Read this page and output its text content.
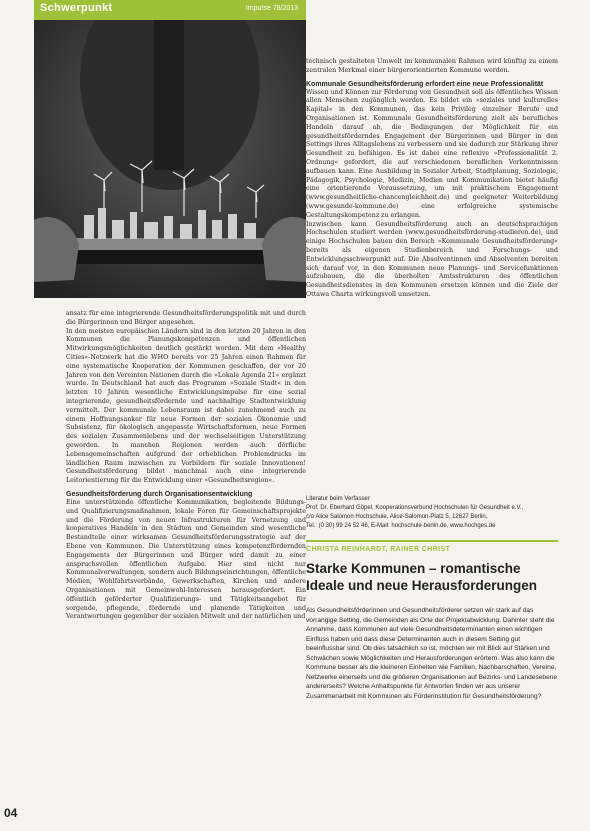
Schwerpunkt	Impu!se 78/2013

ansatz für eine integrierende Gesundheitsförderungspolitik mit und durch die Bürgerinnen und Bürger angesehen.

In den meisten europäischen Ländern sind in den letzten 20 Jahren in den Kommunen die Planungskompetenzen und öffentlichen Mitwirkungsmöglichkeiten deutlich gestärkt worden. Mit dem »Healthy Cities«-Netzwerk hat die WHO bereits vor 25 Jahren einen Rahmen für eine systematische Kooperation der Kommunen geschaffen, der vor 20 Jahren von den Vereinten Nationen durch die »Lokale Agenda 21« ergänzt wurde. In Deutschland hat auch das Programm »Soziale Stadt« in den letzten 10 Jahren wesentliche Entwicklungsimpulse für eine sozial integrierende, gesundheitsfördernde und nachhaltige Stadtentwicklung vermittelt. Der kommunale Lebensraum ist dabei zunehmend auch zu einem Hoffnungsanker für neue Formen der sozialen Ökonomie und Subsistenz, für ökologisch angepasste Wirtschaftsformen, neue Formen des sozialen Zusammenlebens und der wechselseitigen Unterstützung geworden. In manchen Regionen werden auch dörfliche Lebensgemeinschaften aufgrund der erheblichen Problemdrucks im ländlichen Raum inzwischen zu Vorbildern für soziale Innovationen! Gesundheitsförderung bildet manchmal auch eine integrierende Leitorientierung für die Entwicklung einer »Gesundheitsregion«.

Gesundheitsförderung durch Organisationsentwicklung

Eine unterstützende öffentliche Kommunikation, begleitende Bildungs- und Qualifizierungsmaßnahmen, lokale Foren für Gemeinschaftsprojekte und die Förderung von neuen Infrastrukturen für Vernetzung und kooperatives Handeln in den Städten und Gemeinden sind wesentliche Bestandteile einer wirksamen Gesundheitsförderungsstrategie auf der Ebene von Kommunen. Die Unterstützung eines kompetenzfördernden Engagements der Bürgerinnen und Bürger wird damit zu einer anspruchsvollen öffentlichen Aufgabe. Hier sind nicht nur Kommunalverwaltungen, sondern auch Bildungseinrichtungen, öffentliche Medien, Wohlfahrtsverbände, Gewerkschaften, Kirchen und andere Organisationen mit Gemeinwohl-Interessen herausgefordert. Ein öffentlich geförderter Qualifizierungs- und Tätigkeitsangebot für sorgende, pflegende, fördernde und planende Tätigkeiten und Verantwortungen gegenüber der sozialen Mitwelt und der natürlichen und

technisch gestalteten Umwelt im kommunalen Rahmen wird künftig zu einem zentralen Merkmal einer bürgerorientierten Kommune werden.

Kommunale Gesundheitsförderung erfordert eine neue Professionalität

Wissen und Können zur Förderung von Gesundheit soll als öffentliches Wissen allen Menschen zugänglich werden. Es bildet ein »soziales und kulturelles Kapital« in den Kommunen, das kein Privileg einzelner Berufe und Organisationen ist. Kommunale Gesundheitsförderung zielt als berufliches Handeln darauf ab, die Bedingungen der Möglichkeit für ein gesundheitsförderndes Engagement der Bürgerinnen und Bürger in den Settings ihres Alltagslebens zu verbessern und sie dadurch zur Stärkung ihrer Gesundheit zu befähigen. Es ist dabei eine reflexive »Professionalität 2. Ordnung« gefordert, die auf verschiedenen beruflichen Vorkenntnissen aufbauen kann. Eine Ausbildung in Sozialer Arbeit, Stadtplanung, Soziologie, Pädagogik, Psychologie, Medizin, Medien und Kommunikation bietet häufig eine orientierende Voraussetzung, um mit praktischem Engagement (www.gesundheitliche-chancengleichheit.de) und geeigneter Weiterbildung (www.gesunde-kommune.de) eine erfolgreiche systemische Gestaltungskompetenz zu erlangen.

Inzwischen kann Gesundheitsförderung auch an deutschsprachigen Hochschulen studiert werden (www.gesundheitsförderung-studieren.de), und einige Hochschulen bauen den Bereich »Kommunale Gesundheitsförderung« bereits als eigenen Studienbereich und Forschungs- und Entwicklungsschwerpunkt auf. Die Absolventinnen und Absolventen bereiten sich darauf vor, in den Kommunen neue Planungs- und Servicefunktionen aufzubauen, die die überholten Amtsstrukturen des öffentlichen Gesundheitsdienstes in den Kommunen ersetzen können und die Ziele der Ottawa Charta wirkungsvoll umsetzen.

Literatur beim Verfasser
Prof. Dr. Eberhard Göpel, Kooperationsverbund Hochschulen für Gesundheit e.V.,
c/o Alice Salomon Hochschule, Alice-Salomon-Platz 5, 12627 Berlin,
Tel.: (0 30) 99 24 52 46, E-Mail: hochschule-berlin.de, www.hochges.de
CHRISTA REINHARDT, RAINER CHRIST
Starke Kommunen – romantische Ideale und neue Herausforderungen
Als Gesundheitsförderinnen und Gesundheitsförderer setzen wir stark auf das vorrangige Setting, die Gemeinden als Orte der Projektabwicklung. Dahinter steht die Annahme, dass Kommunen auf viele Gesundheitsdeterminanten einen wichtigen Einfluss haben und dass diese Determinanten auch in diesem Setting gut beeinflussbar sind. Ob dies tatsächlich so ist, möchten wir mit Blick auf Stärken und Schwächen sowie Möglichkeiten und Herausforderungen erörtern. Was also kann die Kommune besser als die kleineren Einheiten wie Familien, Nachbarschaften, Vereine, Netzwerke einerseits und die größeren Organisationen auf Bezirks- und Landesebene andererseits? Welche Anhaltspunkte für Antworten finden wir aus unserer Zusammenarbeit mit Kommunen als Förderinstitution für Gesundheitsförderung?
04
